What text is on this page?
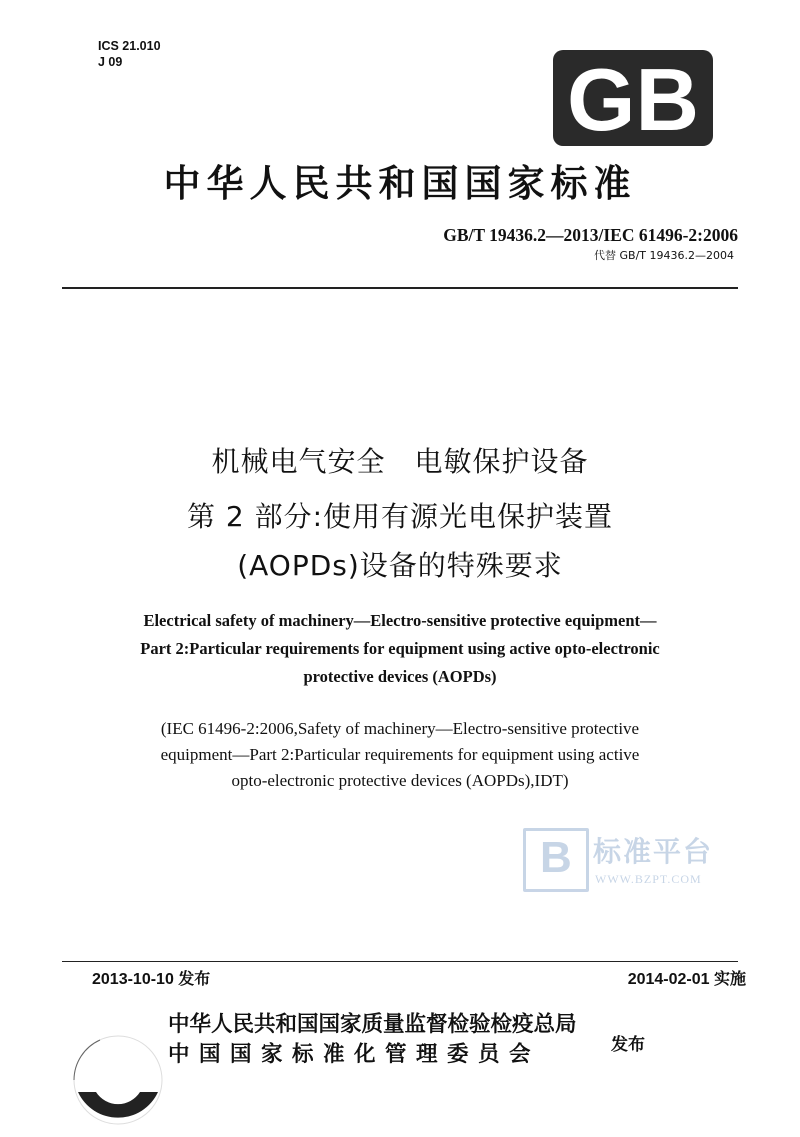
ICS 21.010
J 09	GB
中华人民共和国国家标准
GB/T 19436.2—2013/IEC 61496-2:2006
代替 GB/T 19436.2—2004
机械电气安全　电敏保护设备
第 2 部分:使用有源光电保护装置
(AOPDs)设备的特殊要求
Electrical safety of machinery—Electro-sensitive protective equipment—
Part 2:Particular requirements for equipment using active opto-electronic
protective devices (AOPDs)
(IEC 61496-2:2006,Safety of machinery—Electro-sensitive protective
equipment—Part 2:Particular requirements for equipment using active
opto-electronic protective devices (AOPDs),IDT)
B
标准平台
WWW.BZPT.COM
2013-10-10 发布	2014-02-01 实施
中华人民共和国国家质量监督检验检疫总局
中国国家标准化管理委员会	发布
